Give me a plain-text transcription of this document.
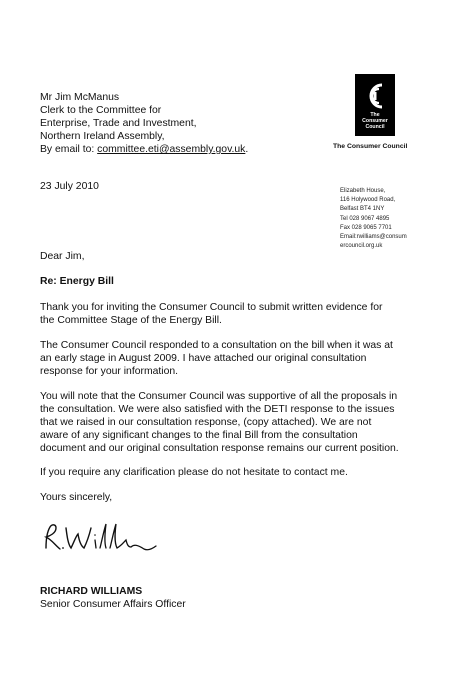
Mr Jim McManus
Clerk to the Committee for
Enterprise, Trade and Investment,
Northern Ireland Assembly,
By email to: committee.eti@assembly.gov.uk.
The
Consumer
Council
The Consumer Council
23 July 2010	Elizabeth House,
116 Holywood Road,
Belfast BT4 1NY
Tel 028 9067 4895
Fax 028 9065 7701
Email:rwilliams@consum
ercouncil.org.uk
Dear Jim,
Re: Energy Bill
Thank you for inviting the Consumer Council to submit written evidence for
the Committee Stage of the Energy Bill.
The Consumer Council responded to a consultation on the bill when it was at
an early stage in August 2009. I have attached our original consultation
response for your information.
You will note that the Consumer Council was supportive of all the proposals in
the consultation. We were also satisfied with the DETI response to the issues
that we raised in our consultation response, (copy attached). We are not
aware of any significant changes to the final Bill from the consultation
document and our original consultation response remains our current position.
If you require any clarification please do not hesitate to contact me.
Yours sincerely,
RICHARD WILLIAMS
Senior Consumer Affairs Officer
